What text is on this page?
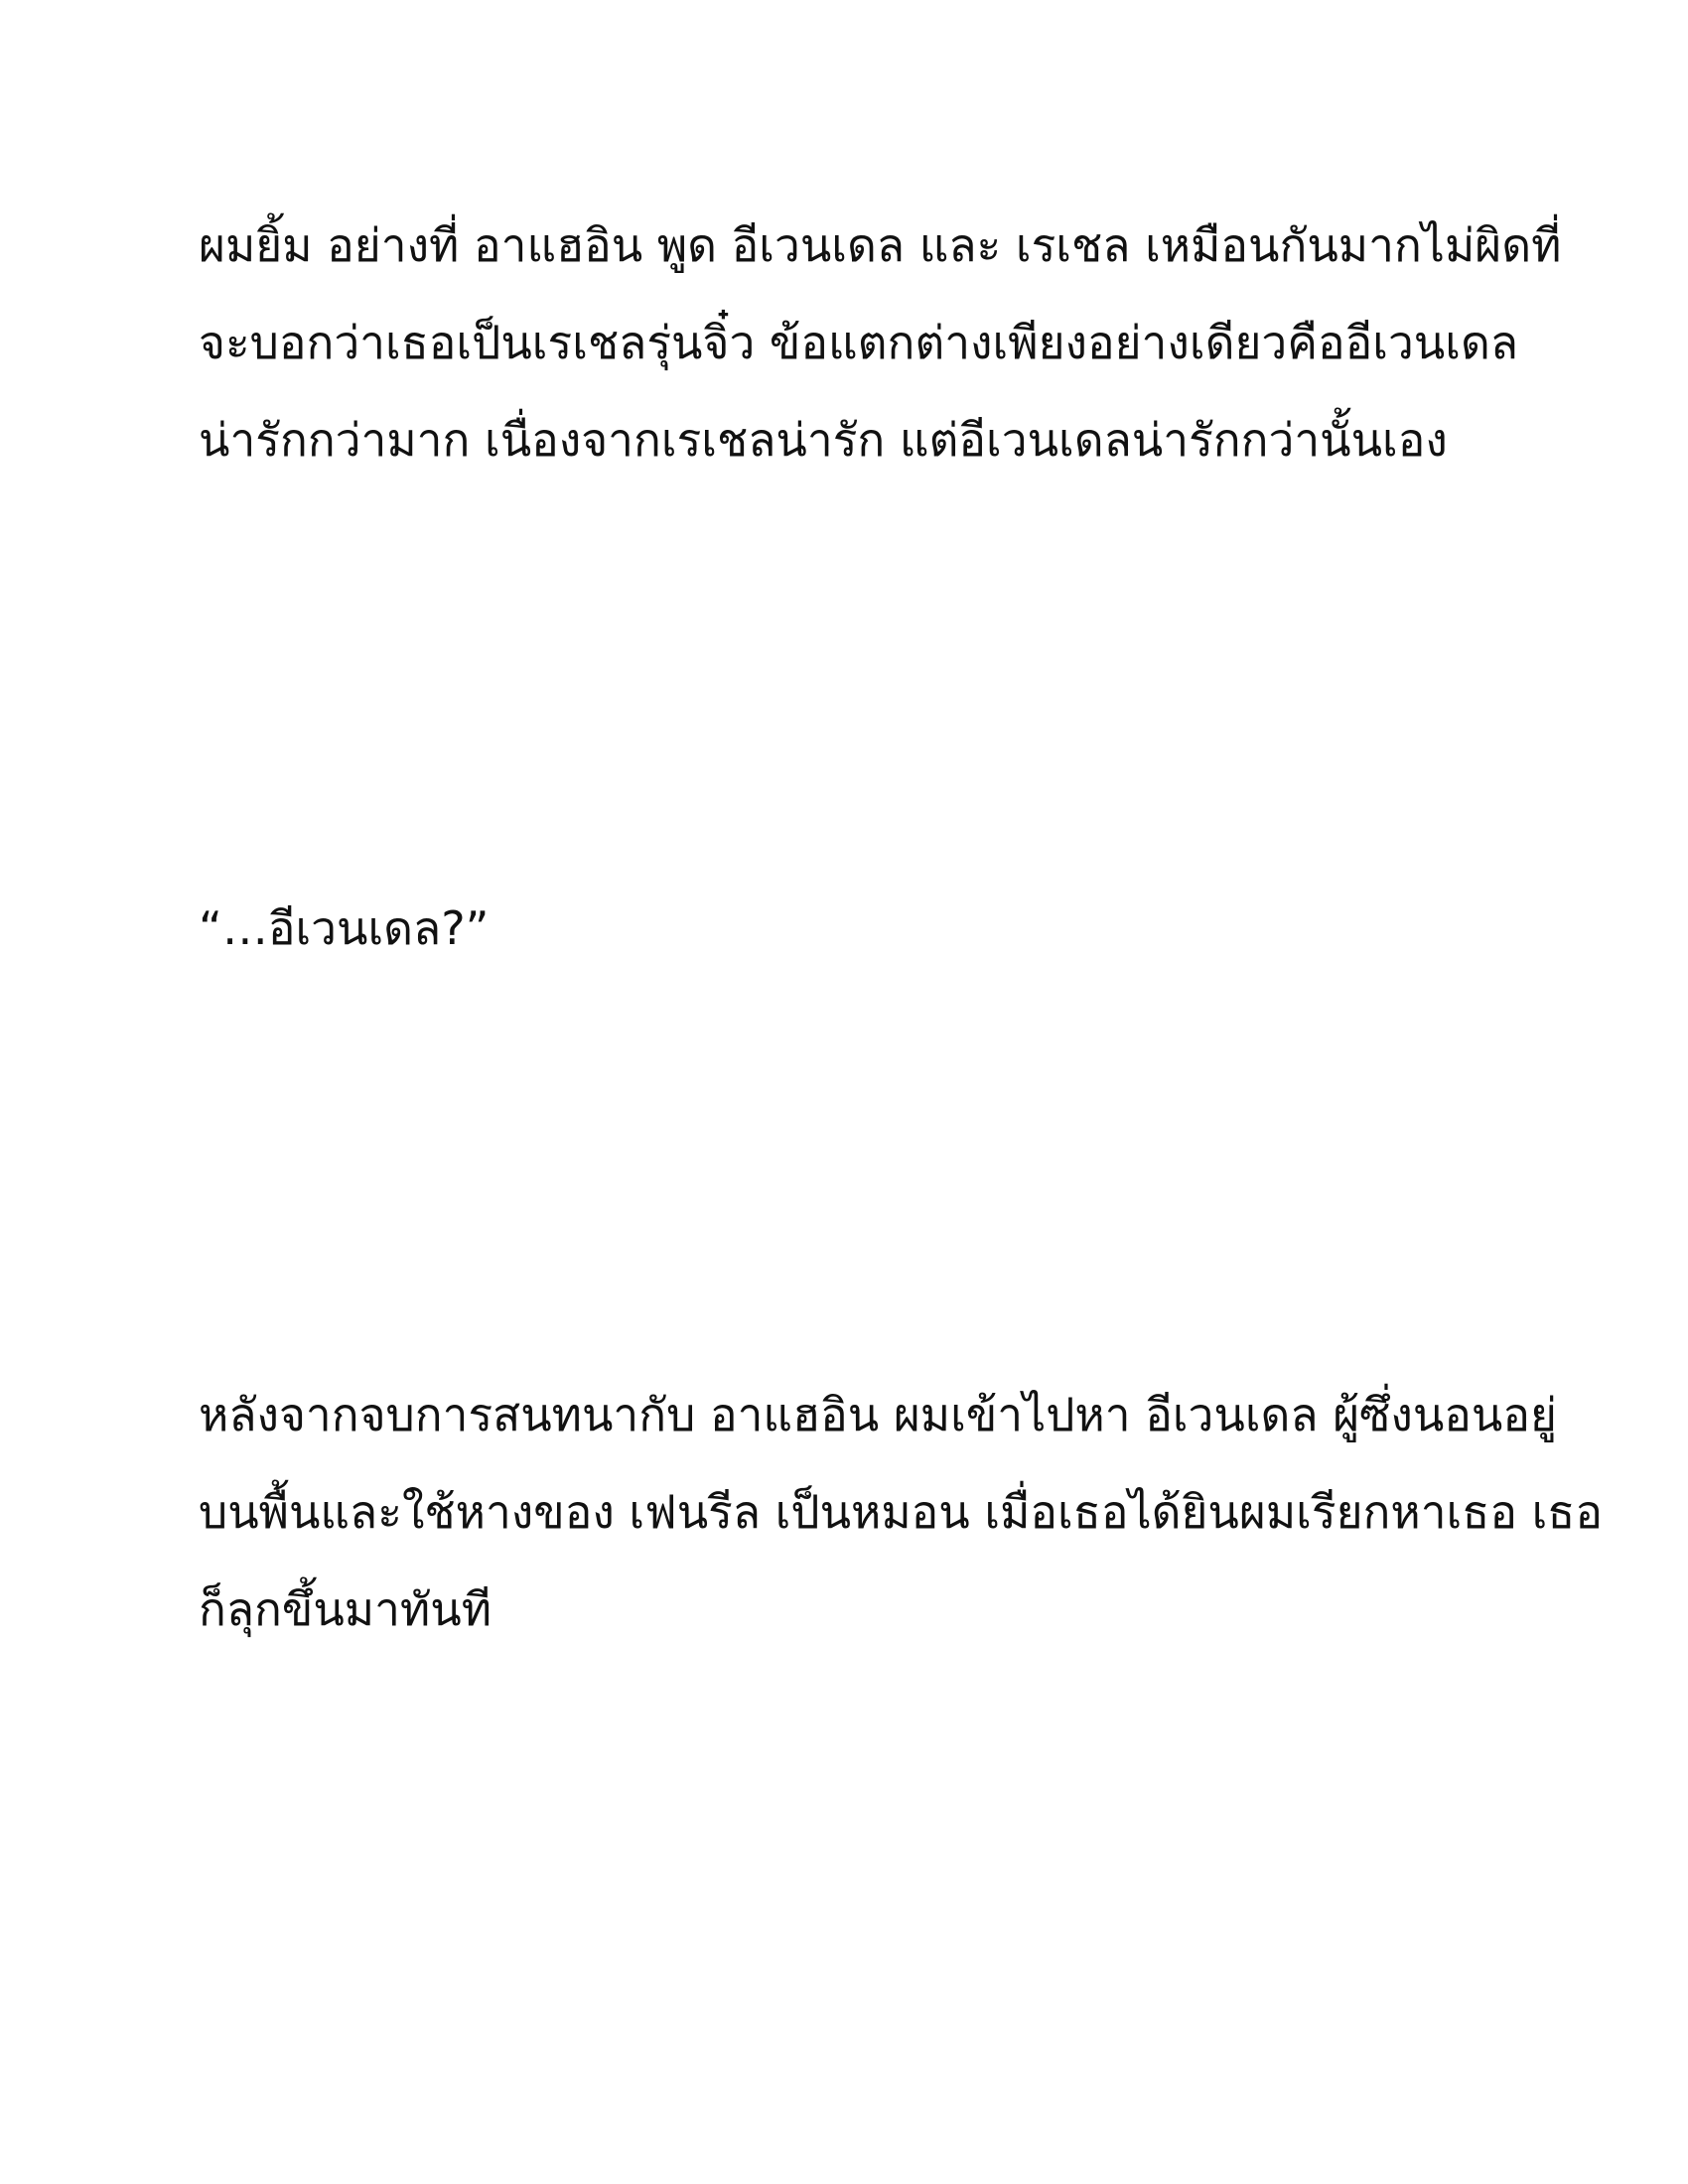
ผมยิ้ม อย่างที่ อาแฮอิน พูด อีเวนเดล และ เรเชล เหมือนกันมากไม่ผิดที่
จะบอกว่าเธอเป็นเรเชลรุ่นจิ๋ว ข้อแตกต่างเพียงอย่างเดียวคืออีเวนเดล
น่ารักกว่ามาก เนื่องจากเรเชลน่ารัก แต่อีเวนเดลน่ารักกว่านั้นเอง

“…อีเวนเดล?”

หลังจากจบการสนทนากับ อาแฮอิน ผมเข้าไปหา อีเวนเดล ผู้ซึ่งนอนอยู่
บนพื้นและใช้หางของ เฟนรีล เป็นหมอน เมื่อเธอได้ยินผมเรียกหาเธอ เธอ
ก็ลุกขึ้นมาทันที
